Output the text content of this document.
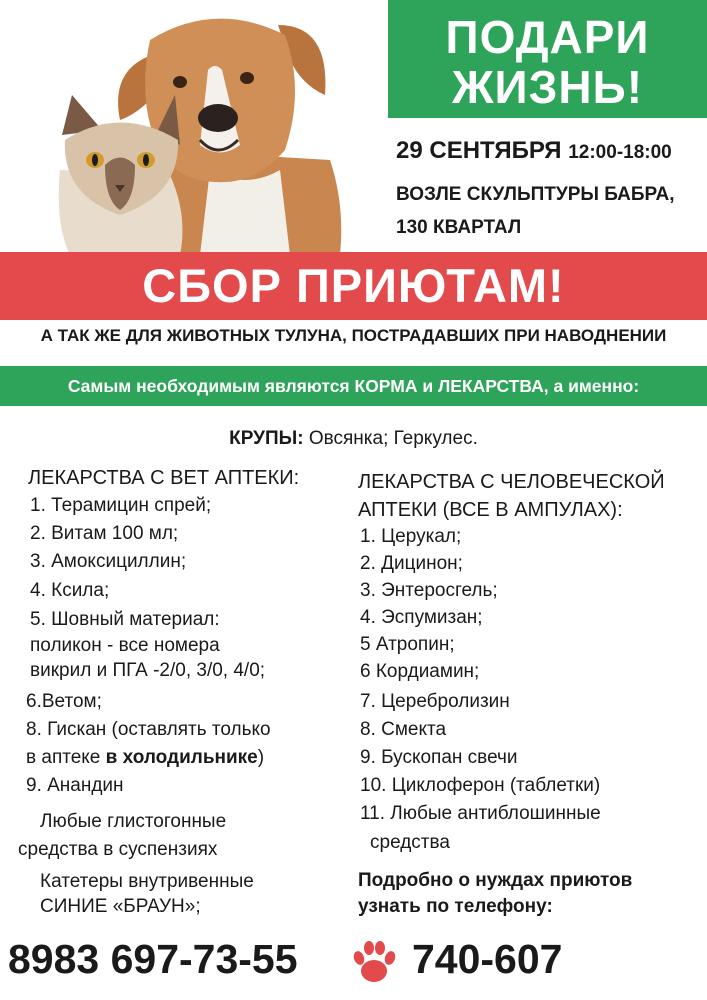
ПОДАРИ
ЖИЗНЬ!
29 СЕНТЯБРЯ 12:00-18:00
ВОЗЛЕ СКУЛЬПТУРЫ БАБРА,
130 КВАРТАЛ
СБОР ПРИЮТАМ!
А ТАК ЖЕ ДЛЯ ЖИВОТНЫХ ТУЛУНА, ПОСТРАДАВШИХ ПРИ НАВОДНЕНИИ
Самым необходимым являются КОРМА и ЛЕКАРСТВА, а именно:
КРУПЫ: Овсянка; Геркулес.
ЛЕКАРСТВА С ВЕТ АПТЕКИ:
1. Терамицин спрей;
2. Витам 100 мл;
3. Амоксициллин;
4. Ксила;
5. Шовный материал:
поликон - все номера
викрил и ПГА -2/0, 3/0, 4/0;
6.Ветом;
8. Гискан (оставлять только
в аптеке в холодильнике)
9. Анандин
Любые глистогонные
средства в суспензиях
Катетеры внутривенные
СИНИЕ «БРАУН»;
ЛЕКАРСТВА С ЧЕЛОВЕЧЕСКОЙ
АПТЕКИ (ВСЕ В АМПУЛАХ):
1. Церукал;
2. Дицинон;
3. Энтеросгель;
4. Эспумизан;
5 Атропин;
6 Кордиамин;
7. Церебролизин
8. Смекта
9. Бускопан свечи
10. Циклоферон (таблетки)
11. Любые антиблошинные
средства
Подробно о нуждах приютов
узнать по телефону:
8983 697-73-55	740-607
